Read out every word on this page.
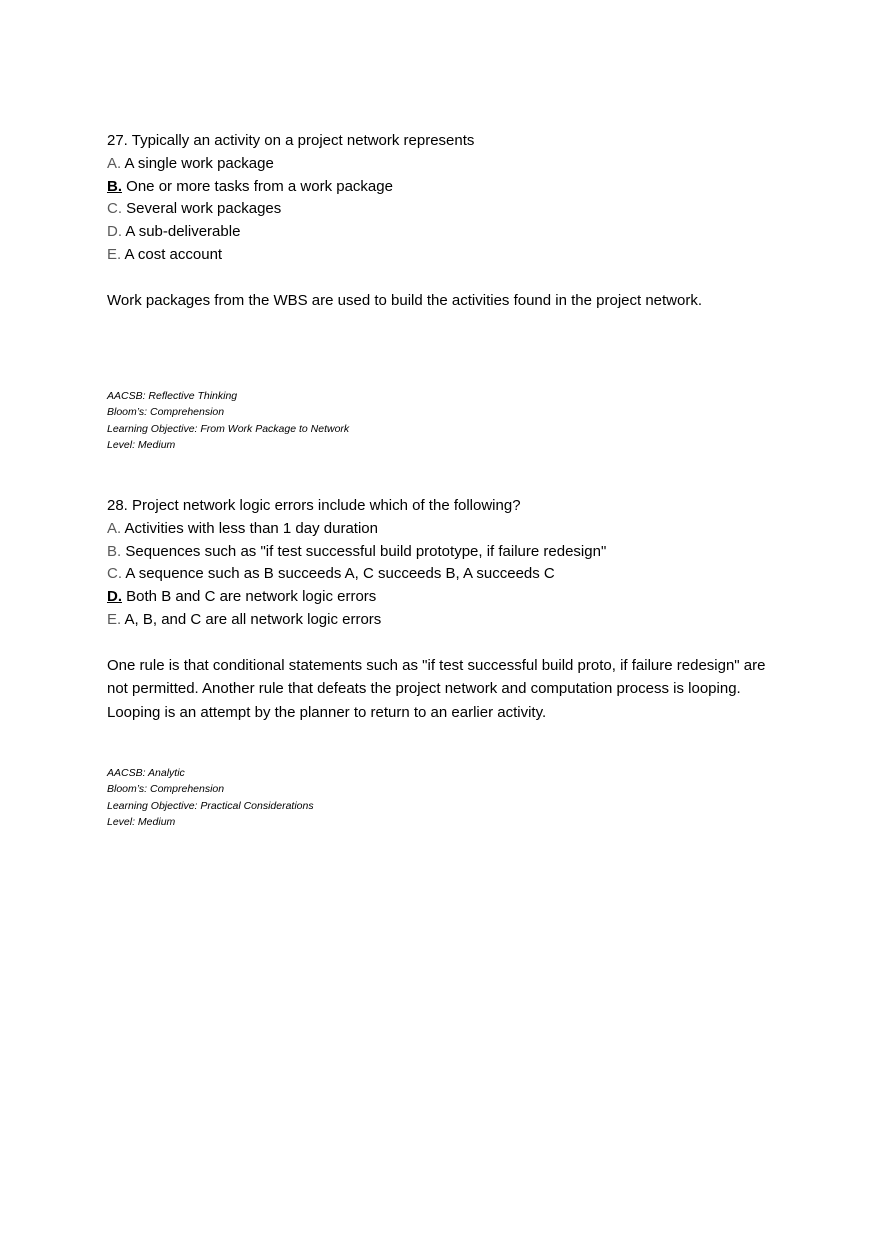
27. Typically an activity on a project network represents

A. A single work package

B. One or more tasks from a work package

C. Several work packages

D. A sub-deliverable

E. A cost account

Work packages from the WBS are used to build the activities found in the project network.

AACSB: Reflective Thinking
Bloom’s: Comprehension
Learning Objective: From Work Package to Network
Level: Medium

28. Project network logic errors include which of the following?

A. Activities with less than 1 day duration

B. Sequences such as "if test successful build prototype, if failure redesign"

C. A sequence such as B succeeds A, C succeeds B, A succeeds C

D. Both B and C are network logic errors

E. A, B, and C are all network logic errors

One rule is that conditional statements such as "if test successful build proto, if failure redesign" are not permitted. Another rule that defeats the project network and computation process is looping. Looping is an attempt by the planner to return to an earlier activity.

AACSB: Analytic
Bloom’s: Comprehension
Learning Objective: Practical Considerations
Level: Medium
